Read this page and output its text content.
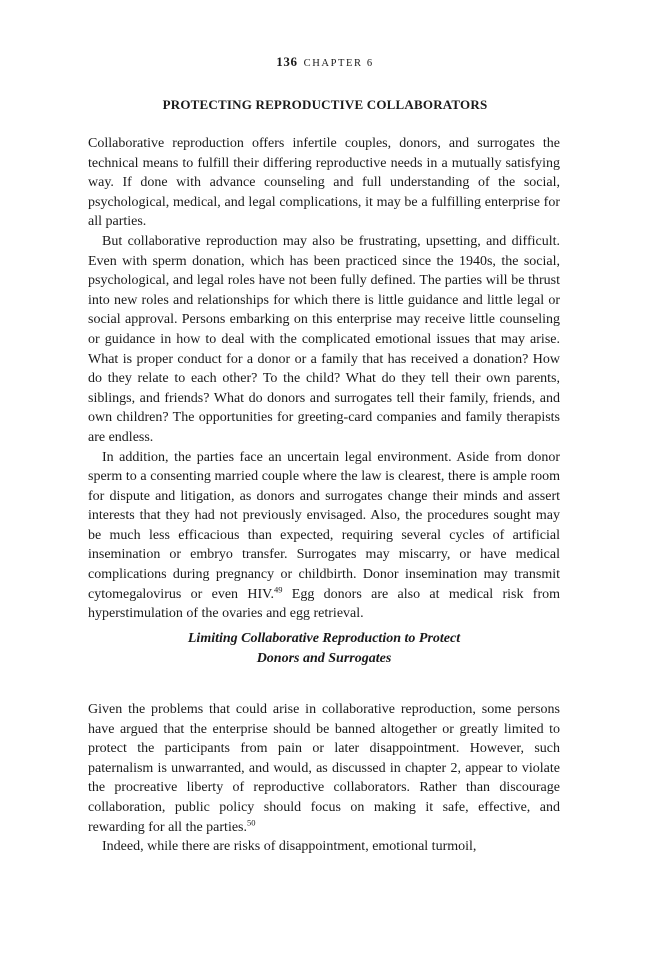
136 CHAPTER 6
PROTECTING REPRODUCTIVE COLLABORATORS

Collaborative reproduction offers infertile couples, donors, and surrogates the technical means to fulfill their differing reproductive needs in a mutually satisfying way. If done with advance counseling and full understanding of the social, psychological, medical, and legal complications, it may be a fulfilling enterprise for all parties.

But collaborative reproduction may also be frustrating, upsetting, and difficult. Even with sperm donation, which has been practiced since the 1940s, the social, psychological, and legal roles have not been fully defined. The parties will be thrust into new roles and relationships for which there is little guidance and little legal or social approval. Persons embarking on this enterprise may receive little counseling or guidance in how to deal with the complicated emotional issues that may arise. What is proper conduct for a donor or a family that has received a donation? How do they relate to each other? To the child? What do they tell their own parents, siblings, and friends? What do donors and surrogates tell their family, friends, and own children? The opportunities for greeting-card companies and family therapists are endless.

In addition, the parties face an uncertain legal environment. Aside from donor sperm to a consenting married couple where the law is clearest, there is ample room for dispute and litigation, as donors and surrogates change their minds and assert interests that they had not previously envisaged. Also, the procedures sought may be much less efficacious than expected, requiring several cycles of artificial insemination or embryo transfer. Surrogates may miscarry, or have medical complications during pregnancy or childbirth. Donor insemination may transmit cytomegalovirus or even HIV.$^{49}$ Egg donors are also at medical risk from hyperstimulation of the ovaries and egg retrieval.

Limiting Collaborative Reproduction to Protect
Donors and Surrogates

Given the problems that could arise in collaborative reproduction, some persons have argued that the enterprise should be banned altogether or greatly limited to protect the participants from pain or later disappointment. However, such paternalism is unwarranted, and would, as discussed in chapter 2, appear to violate the procreative liberty of reproductive collaborators. Rather than discourage collaboration, public policy should focus on making it safe, effective, and rewarding for all the parties.$^{50}$

Indeed, while there are risks of disappointment, emotional turmoil,
